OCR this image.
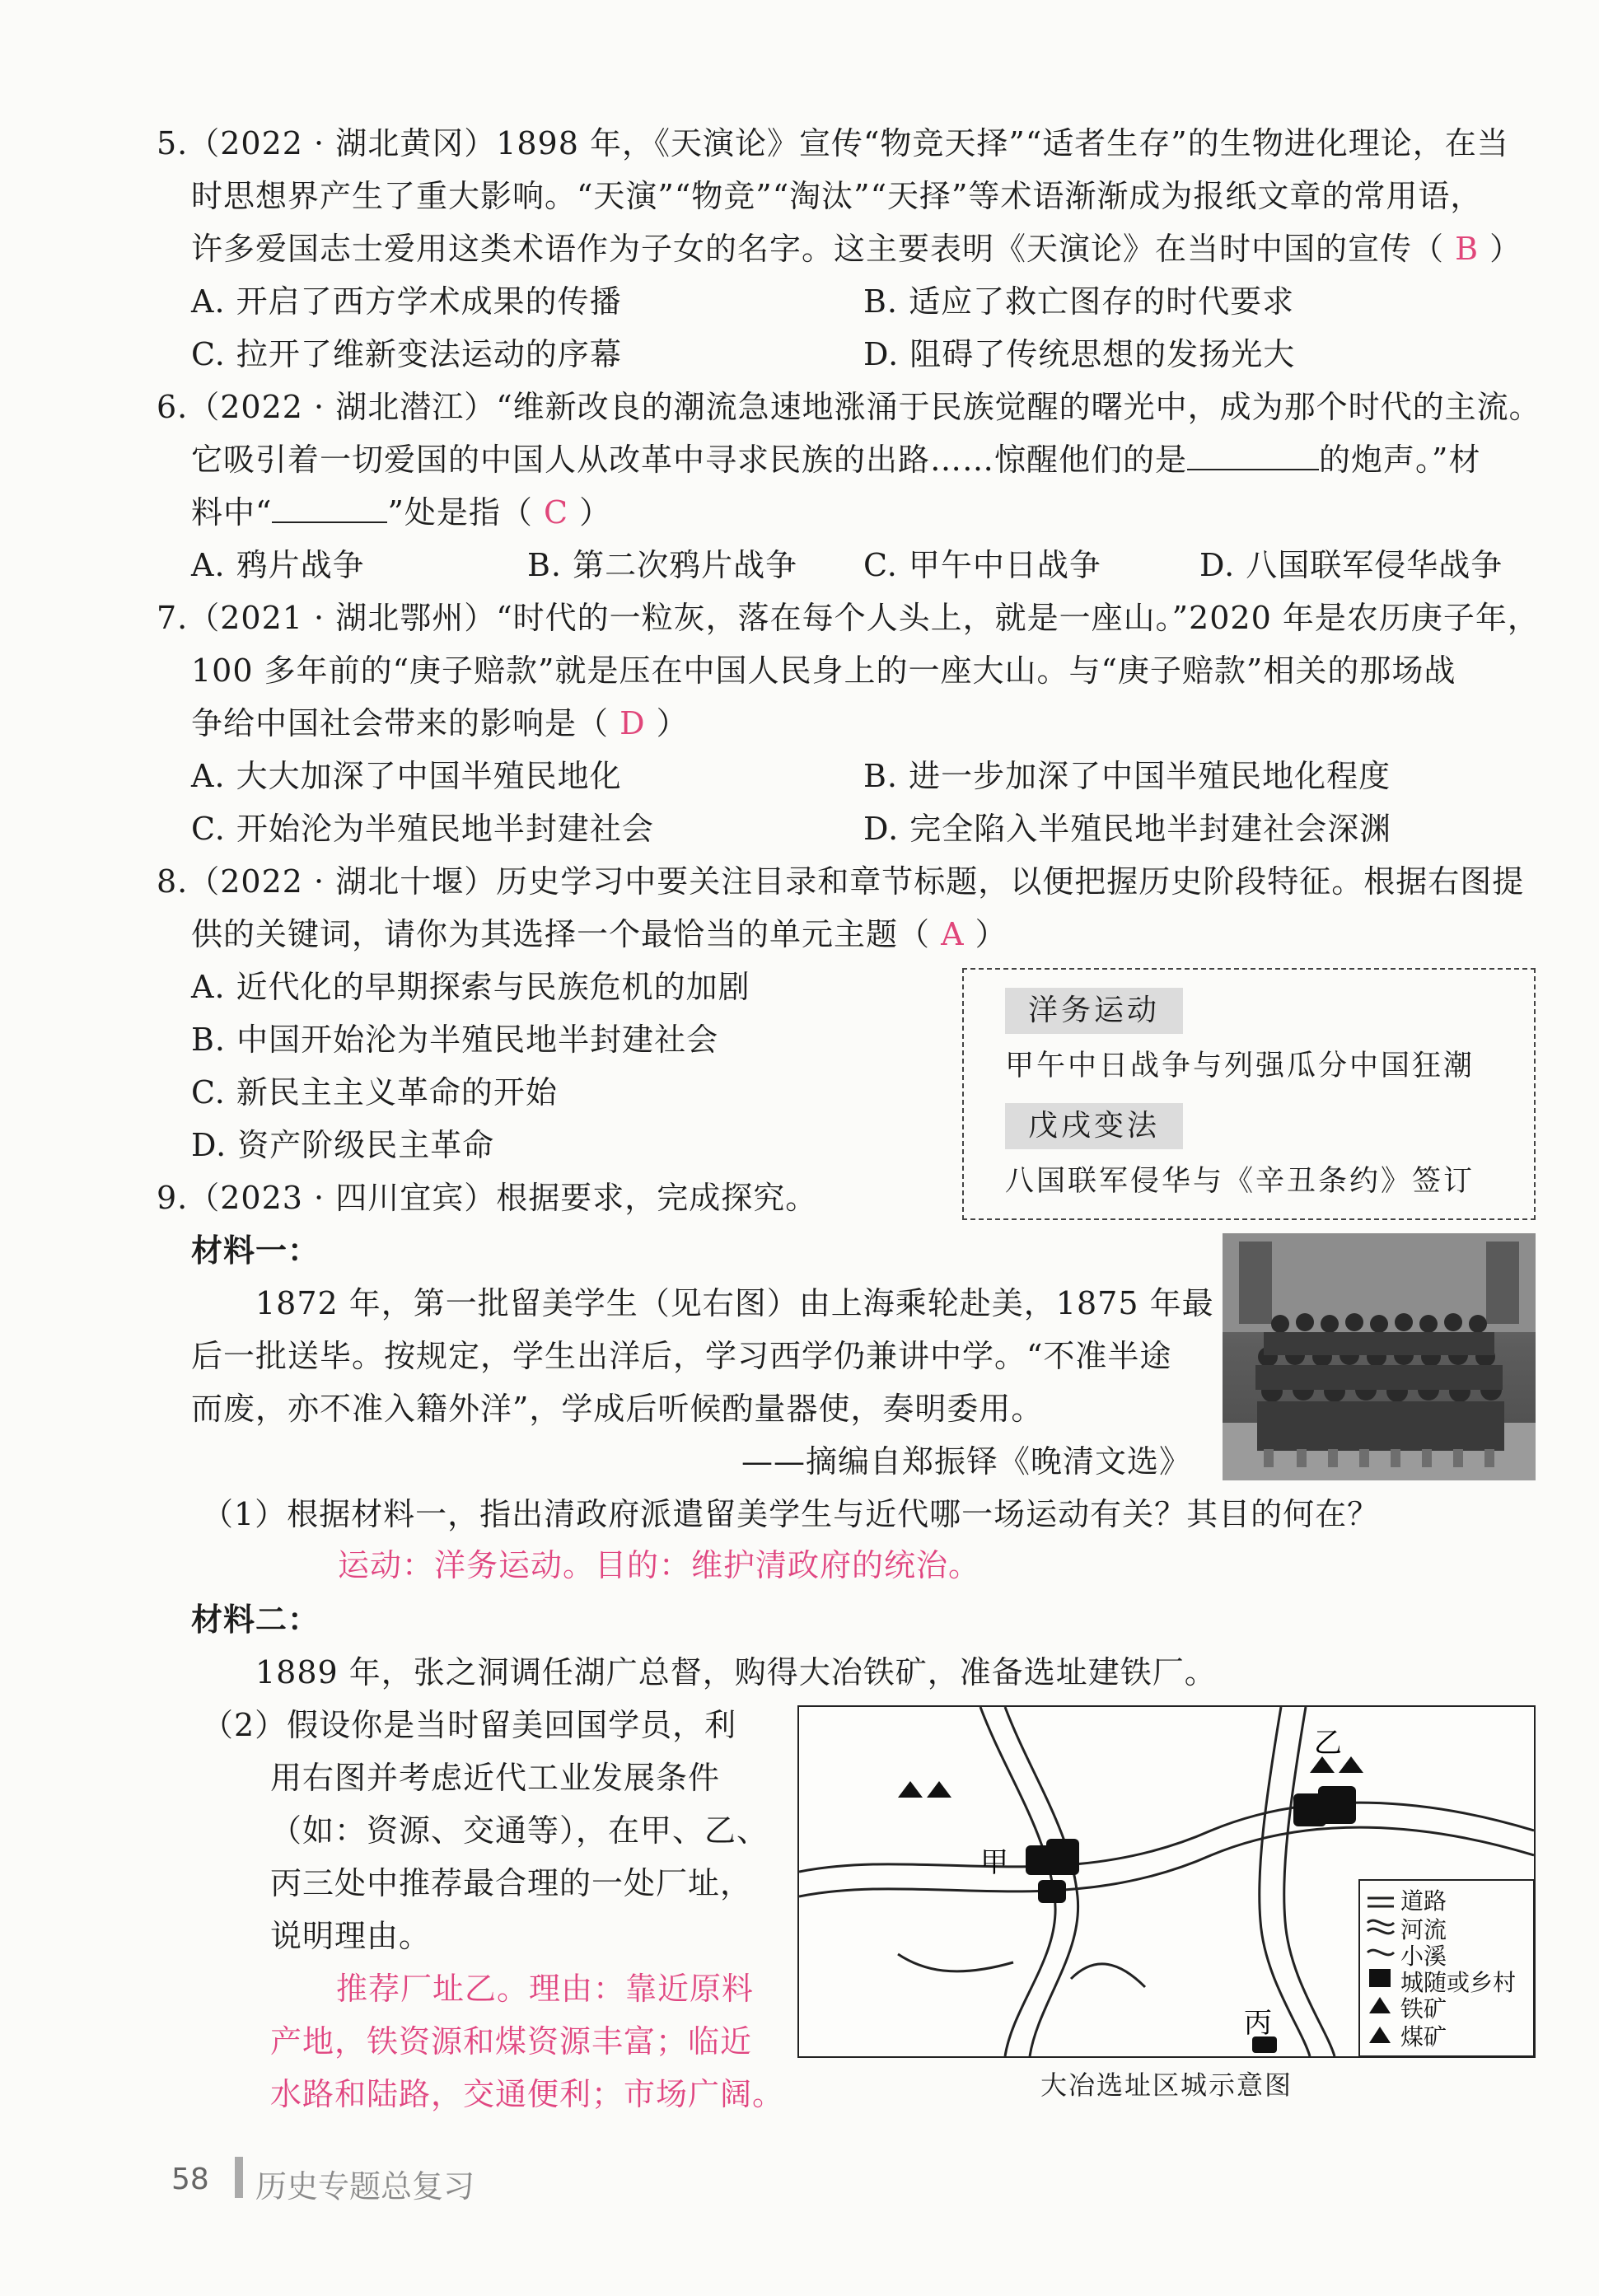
5.（2022 · 湖北黄冈）1898 年，《天演论》宣传“物竞天择”“适者生存”的生物进化理论，在当
时思想界产生了重大影响。“天演”“物竞”“淘汰”“天择”等术语渐渐成为报纸文章的常用语，
许多爱国志士爱用这类术语作为子女的名字。这主要表明《天演论》在当时中国的宣传（ B ）
A. 开启了西方学术成果的传播	B. 适应了救亡图存的时代要求
C. 拉开了维新变法运动的序幕	D. 阻碍了传统思想的发扬光大
6.（2022 · 湖北潜江）“维新改良的潮流急速地涨涌于民族觉醒的曙光中，成为那个时代的主流。
它吸引着一切爱国的中国人从改革中寻求民族的出路……惊醒他们的是	的炮声。”材
料中“	”处是指（ C ）
A. 鸦片战争	B. 第二次鸦片战争 C. 甲午中日战争	D. 八国联军侵华战争
7.（2021 · 湖北鄂州）“时代的一粒灰，落在每个人头上，就是一座山。”2020 年是农历庚子年，
100 多年前的“庚子赔款”就是压在中国人民身上的一座大山。与“庚子赔款”相关的那场战
争给中国社会带来的影响是（ D ）
A. 大大加深了中国半殖民地化	B. 进一步加深了中国半殖民地化程度
C. 开始沦为半殖民地半封建社会	D. 完全陷入半殖民地半封建社会深渊
8.（2022 · 湖北十堰）历史学习中要关注目录和章节标题，以便把握历史阶段特征。根据右图提
供的关键词，请你为其选择一个最恰当的单元主题（ A ）
A. 近代化的早期探索与民族危机的加剧
B. 中国开始沦为半殖民地半封建社会
C. 新民主主义革命的开始
D. 资产阶级民主革命
洋务运动
甲午中日战争与列强瓜分中国狂潮
戊戌变法
八国联军侵华与《辛丑条约》签订
9.（2023 · 四川宜宾）根据要求，完成探究。
材料一：
1872 年，第一批留美学生（见右图）由上海乘轮赴美，1875 年最
后一批送毕。按规定，学生出洋后，学习西学仍兼讲中学。“不准半途
而废，亦不准入籍外洋”，学成后听候酌量器使，奏明委用。
——摘编自郑振铎《晚清文选》
（1）根据材料一，指出清政府派遣留美学生与近代哪一场运动有关？其目的何在？
运动：洋务运动。目的：维护清政府的统治。
材料二：
1889 年，张之洞调任湖广总督，购得大冶铁矿，准备选址建铁厂。
（2）假设你是当时留美回国学员，利
用右图并考虑近代工业发展条件
（如：资源、交通等），在甲、乙、
丙三处中推荐最合理的一处厂址，
说明理由。
推荐厂址乙。理由：靠近原料
产地，铁资源和煤资源丰富；临近
水路和陆路，交通便利；市场广阔。
甲
乙
丙
道路
河流
小溪
城随或乡村
铁矿
煤矿
大冶选址区城示意图
58 历史专题总复习
